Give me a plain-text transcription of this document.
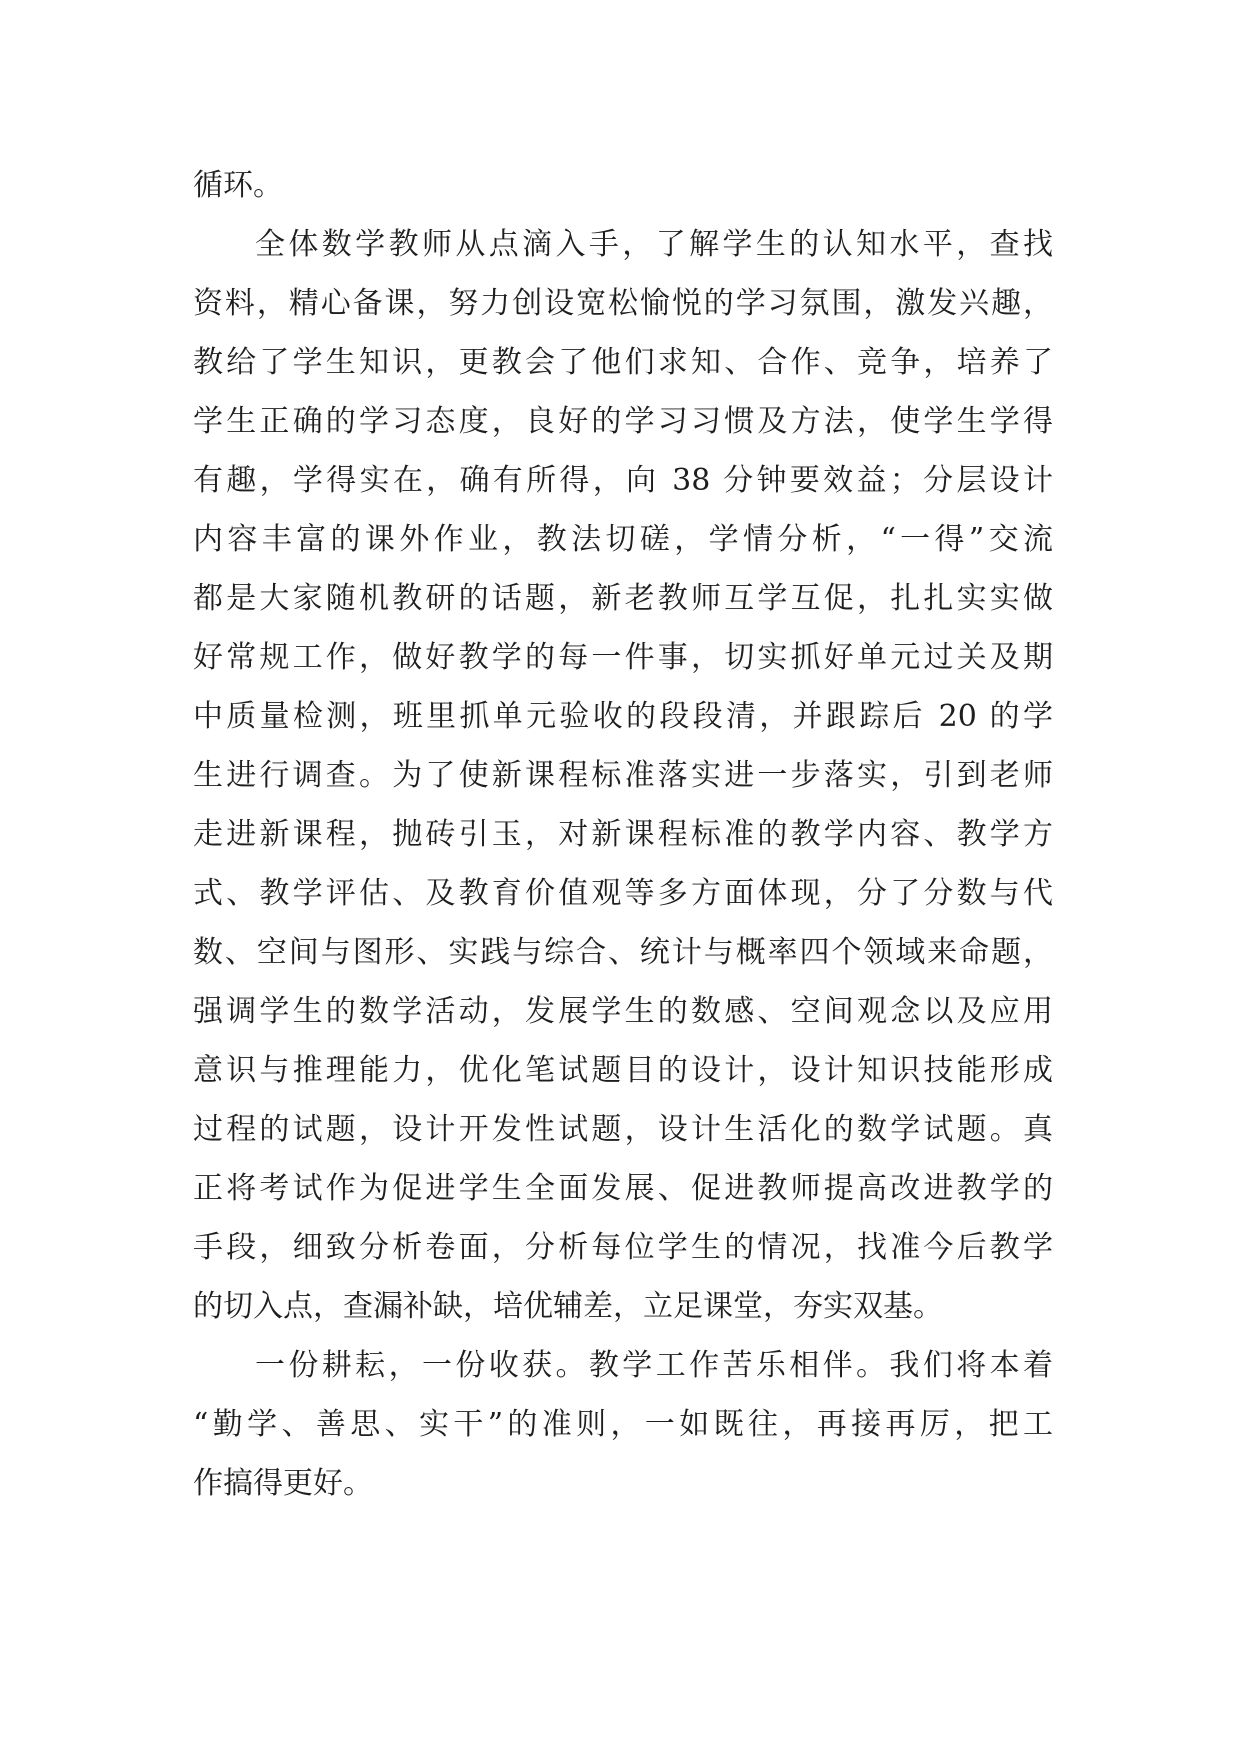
循环。
全体数学教师从点滴入手，了解学生的认知水平，查找
资料，精心备课，努力创设宽松愉悦的学习氛围，激发兴趣，
教给了学生知识，更教会了他们求知、合作、竞争，培养了
学生正确的学习态度，良好的学习习惯及方法，使学生学得
有趣，学得实在，确有所得，向 38 分钟要效益；分层设计
内容丰富的课外作业，教法切磋，学情分析，“一得”交流
都是大家随机教研的话题，新老教师互学互促，扎扎实实做
好常规工作，做好教学的每一件事，切实抓好单元过关及期
中质量检测，班里抓单元验收的段段清，并跟踪后 20 的学
生进行调查。为了使新课程标准落实进一步落实，引到老师
走进新课程，抛砖引玉，对新课程标准的教学内容、教学方
式、教学评估、及教育价值观等多方面体现，分了分数与代
数、空间与图形、实践与综合、统计与概率四个领域来命题，
强调学生的数学活动，发展学生的数感、空间观念以及应用
意识与推理能力，优化笔试题目的设计，设计知识技能形成
过程的试题，设计开发性试题，设计生活化的数学试题。真
正将考试作为促进学生全面发展、促进教师提高改进教学的
手段，细致分析卷面，分析每位学生的情况，找准今后教学
的切入点，查漏补缺，培优辅差，立足课堂，夯实双基。
一份耕耘，一份收获。教学工作苦乐相伴。我们将本着
“勤学、善思、实干”的准则，一如既往，再接再厉，把工
作搞得更好。
